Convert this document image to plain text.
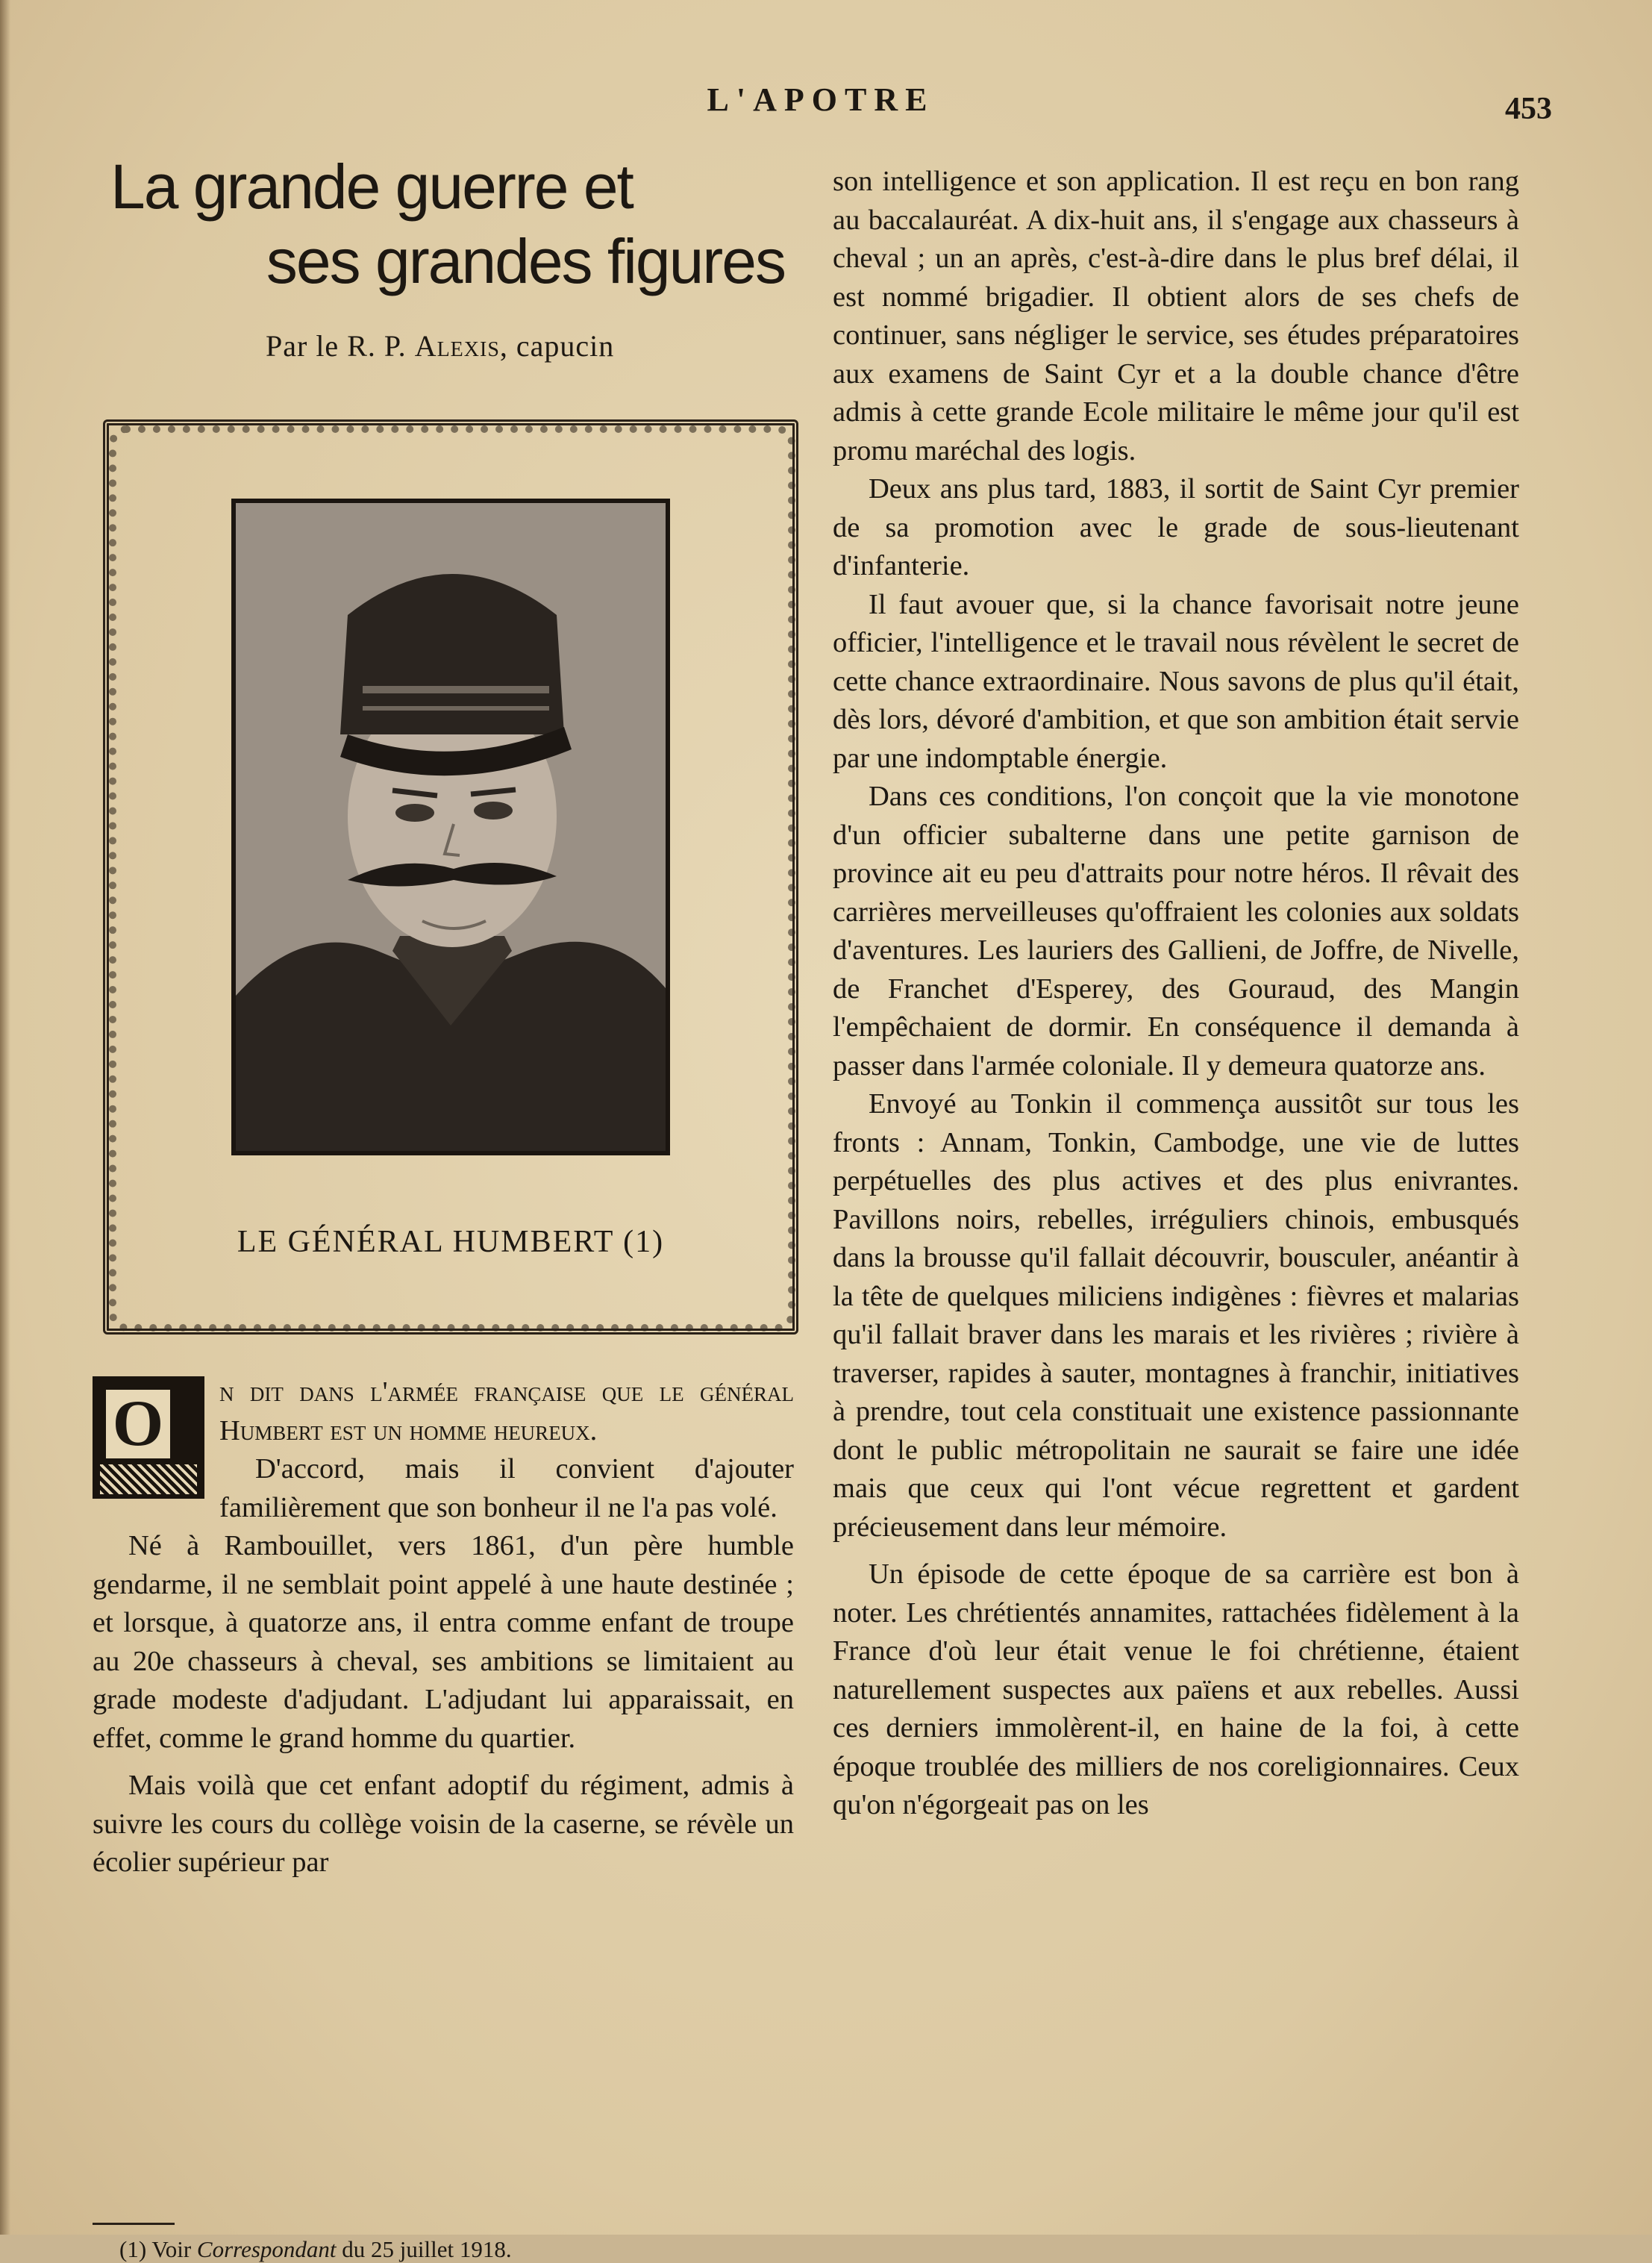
L'APOTRE	453
La grande guerre et
ses grandes figures
Par le R. P. Alexis, capucin
LE GÉNÉRAL HUMBERT (1)
O	n dit dans l'armée française que le général Humbert est un homme heureux.

D'accord, mais il convient d'ajouter familièrement que son bonheur il ne l'a pas volé.

Né à Rambouillet, vers 1861, d'un père humble gendarme, il ne semblait point appelé à une haute destinée ; et lorsque, à quatorze ans, il entra comme enfant de troupe au 20e chasseurs à cheval, ses ambitions se limitaient au grade modeste d'adjudant. L'adjudant lui apparaissait, en effet, comme le grand homme du quartier.

Mais voilà que cet enfant adoptif du régiment, admis à suivre les cours du collège voisin de la caserne, se révèle un écolier supérieur par

(1) Voir Correspondant du 25 juillet 1918.

son intelligence et son application. Il est reçu en bon rang au baccalauréat. A dix-huit ans, il s'engage aux chasseurs à cheval ; un an après, c'est-à-dire dans le plus bref délai, il est nommé brigadier. Il obtient alors de ses chefs de continuer, sans négliger le service, ses études préparatoires aux examens de Saint Cyr et a la double chance d'être admis à cette grande Ecole militaire le même jour qu'il est promu maréchal des logis.

Deux ans plus tard, 1883, il sortit de Saint Cyr premier de sa promotion avec le grade de sous-lieutenant d'infanterie.

Il faut avouer que, si la chance favorisait notre jeune officier, l'intelligence et le travail nous révèlent le secret de cette chance extraordinaire. Nous savons de plus qu'il était, dès lors, dévoré d'ambition, et que son ambition était servie par une indomptable énergie.

Dans ces conditions, l'on conçoit que la vie monotone d'un officier subalterne dans une petite garnison de province ait eu peu d'attraits pour notre héros. Il rêvait des carrières merveilleuses qu'offraient les colonies aux soldats d'aventures. Les lauriers des Gallieni, de Joffre, de Nivelle, de Franchet d'Esperey, des Gouraud, des Mangin l'empêchaient de dormir. En conséquence il demanda à passer dans l'armée coloniale. Il y demeura quatorze ans.

Envoyé au Tonkin il commença aussitôt sur tous les fronts : Annam, Tonkin, Cambodge, une vie de luttes perpétuelles des plus actives et des plus enivrantes. Pavillons noirs, rebelles, irréguliers chinois, embusqués dans la brousse qu'il fallait découvrir, bousculer, anéantir à la tête de quelques miliciens indigènes : fièvres et malarias qu'il fallait braver dans les marais et les rivières ; rivière à traverser, rapides à sauter, montagnes à franchir, initiatives à prendre, tout cela constituait une existence passionnante dont le public métropolitain ne saurait se faire une idée mais que ceux qui l'ont vécue regrettent et gardent précieusement dans leur mémoire.

Un épisode de cette époque de sa carrière est bon à noter. Les chrétientés annamites, rattachées fidèlement à la France d'où leur était venue le foi chrétienne, étaient naturellement suspectes aux païens et aux rebelles. Aussi ces derniers immolèrent-il, en haine de la foi, à cette époque troublée des milliers de nos coreligionnaires. Ceux qu'on n'égorgeait pas on les
